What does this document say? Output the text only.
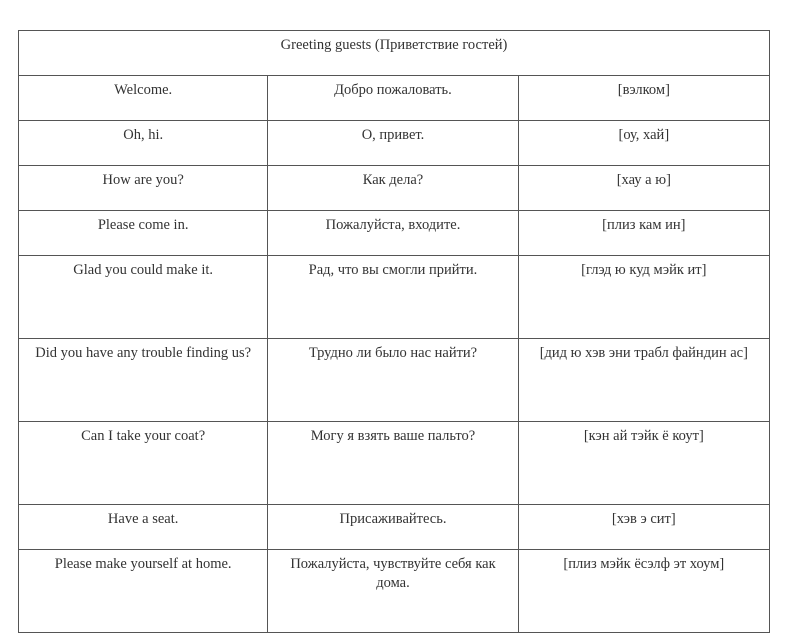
Greeting guests (Приветствие гостей)		
Welcome.	Добро пожаловать.	[вэлком]
Oh, hi.	О, привет.	[оу, хай]
How are you?	Как дела?	[хау а ю]
Please come in.	Пожалуйста, входите.	[плиз кам ин]
Glad you could make it.	Рад, что вы смогли прийти.	[глэд ю куд мэйк ит]
Did you have any trouble finding us?	Трудно ли было нас найти?	[дид ю хэв эни трабл файндин ас]
Can I take your coat?	Могу я взять ваше пальто?	[кэн ай тэйк ё коут]
Have a seat.	Присаживайтесь.	[хэв э сит]
Please make yourself at home.	Пожалуйста, чувствуйте себя как дома.	[плиз мэйк ёсэлф эт хоум]
